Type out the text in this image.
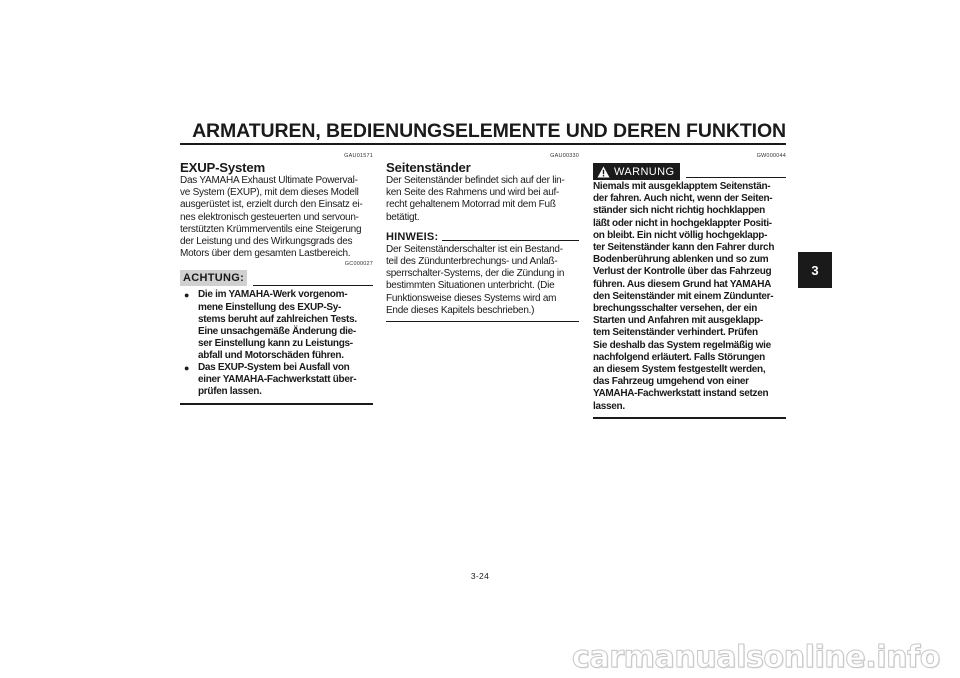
ARMATUREN, BEDIENUNGSELEMENTE UND DEREN FUNKTION
3
GAU01571
EXUP-System
Das YAMAHA Exhaust Ultimate Powerval-
ve System (EXUP), mit dem dieses Modell
ausgerüstet ist, erzielt durch den Einsatz ei-
nes elektronisch gesteuerten und servoun-
terstützten Krümmerventils eine Steigerung
der Leistung und des Wirkungsgrads des
Motors über dem gesamten Lastbereich.
GC000027
ACHTUNG:
● Die im YAMAHA-Werk vorgenom-
mene Einstellung des EXUP-Sy-
stems beruht auf zahlreichen Tests.
Eine unsachgemäße Änderung die-
ser Einstellung kann zu Leistungs-
abfall und Motorschäden führen.
● Das EXUP-System bei Ausfall von
einer YAMAHA-Fachwerkstatt über-
prüfen lassen.
GAU00330
Seitenständer
Der Seitenständer befindet sich auf der lin-
ken Seite des Rahmens und wird bei auf-
recht gehaltenem Motorrad mit dem Fuß
betätigt.
HINWEIS:
Der Seitenständerschalter ist ein Bestand-
teil des Zündunterbrechungs- und Anlaß-
sperrschalter-Systems, der die Zündung in
bestimmten Situationen unterbricht. (Die
Funktionsweise dieses Systems wird am
Ende dieses Kapitels beschrieben.)
GW000044
WARNUNG
Niemals mit ausgeklapptem Seitenstän-
der fahren. Auch nicht, wenn der Seiten-
ständer sich nicht richtig hochklappen
läßt oder nicht in hochgeklappter Positi-
on bleibt. Ein nicht völlig hochgeklapp-
ter Seitenständer kann den Fahrer durch
Bodenberührung ablenken und so zum
Verlust der Kontrolle über das Fahrzeug
führen. Aus diesem Grund hat YAMAHA
den Seitenständer mit einem Zündunter-
brechungsschalter versehen, der ein
Starten und Anfahren mit ausgeklapp-
tem Seitenständer verhindert. Prüfen
Sie deshalb das System regelmäßig wie
nachfolgend erläutert. Falls Störungen
an diesem System festgestellt werden,
das Fahrzeug umgehend von einer
YAMAHA-Fachwerkstatt instand setzen
lassen.
3-24
carmanualsonline.info
